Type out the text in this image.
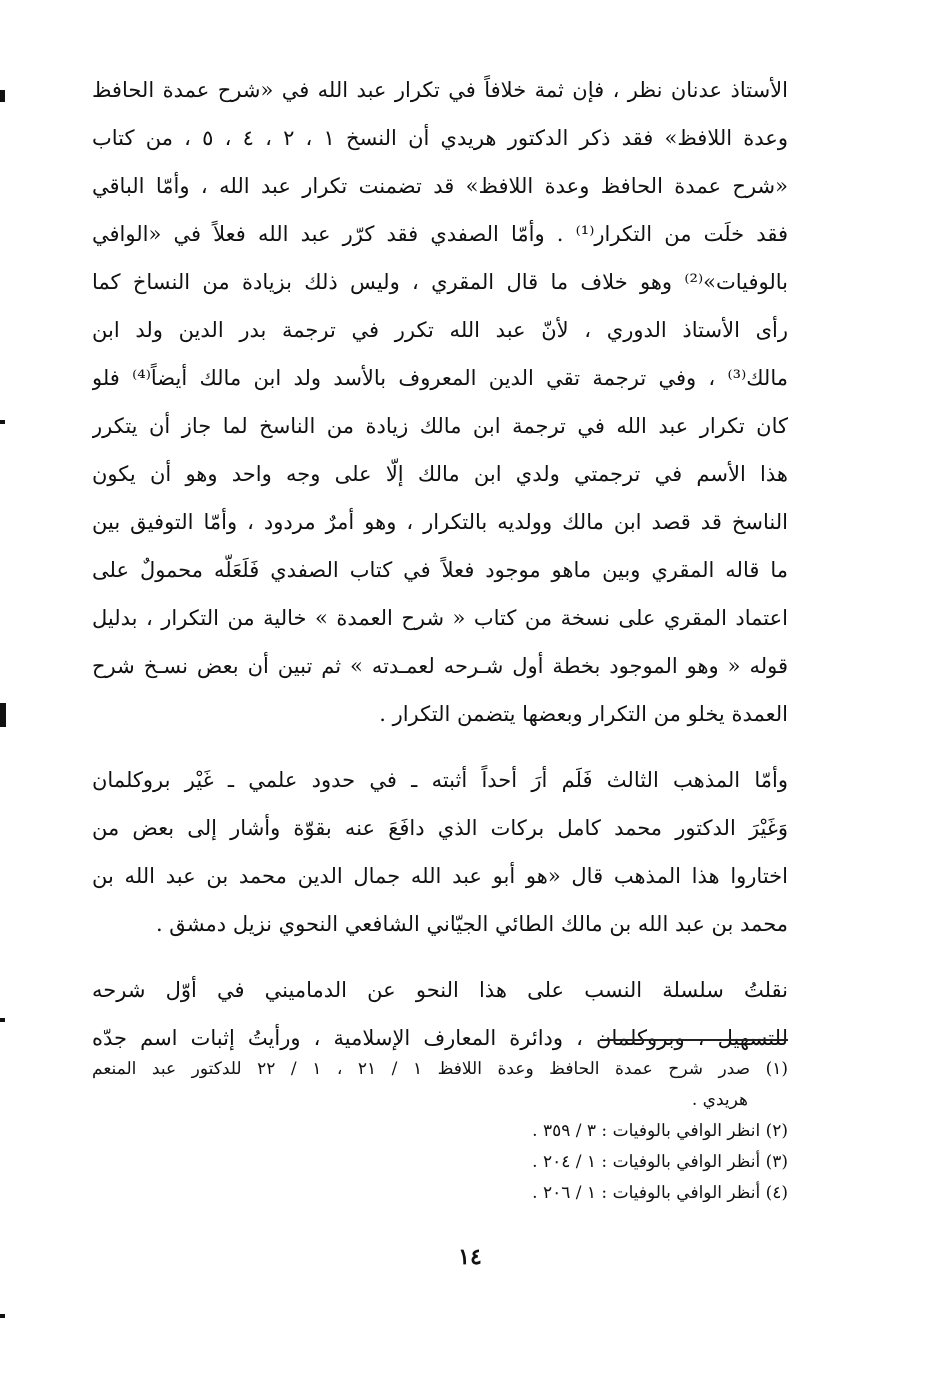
الأستاذ عدنان نظر ، فإن ثمة خلافاً في تكرار عبد الله في «شرح عمدة الحافظ
وعدة اللافظ» فقد ذكر الدكتور هريدي أن النسخ ١ ، ٢ ، ٤ ، ٥ ، من كتاب
«شرح عمدة الحافظ وعدة اللافظ» قد تضمنت تكرار عبد الله ، وأمّا الباقي
فقد خلَت من التكرار⁽¹⁾ . وأمّا الصفدي فقد كرّر عبد الله فعلاً في «الوافي
بالوفيات»⁽²⁾ وهو خلاف ما قال المقري ، وليس ذلك بزيادة من النساخ كما
رأى الأستاذ الدوري ، لأنّ عبد الله تكرر في ترجمة بدر الدين ولد ابن
مالك⁽³⁾ ، وفي ترجمة تقي الدين المعروف بالأسد ولد ابن مالك أيضاً⁽⁴⁾ فلو
كان تكرار عبد الله في ترجمة ابن مالك زيادة من الناسخ لما جاز أن يتكرر
هذا الأسم في ترجمتي ولدي ابن مالك إلّا على وجه واحد وهو أن يكون
الناسخ قد قصد ابن مالك وولديه بالتكرار ، وهو أمرٌ مردود ، وأمّا التوفيق بين
ما قاله المقري وبين ماهو موجود فعلاً في كتاب الصفدي فَلَعَلّه محمولٌ على
اعتماد المقري على نسخة من كتاب « شرح العمدة » خالية من التكرار ، بدليل
قوله « وهو الموجود بخطة أول شـرحه لعمـدته » ثم تبين أن بعض نسـخ شرح
العمدة يخلو من التكرار وبعضها يتضمن التكرار .
وأمّا المذهب الثالث فَلَم أرَ أحداً أثبته ـ في حدود علمي ـ غَيْر بروكلمان
وَغَيْرَ الدكتور محمد كامل بركات الذي دافَعَ عنه بقوّة وأشار إلى بعض من
اختاروا هذا المذهب قال «هو أبو عبد الله جمال الدين محمد بن عبد الله بن
محمد بن عبد الله بن مالك الطائي الجيّاني الشافعي النحوي نزيل دمشق .
نقلتُ سلسلة النسب على هذا النحو عن الدماميني في أوّل شرحه
للتسهيل ، وبروكلمان ، ودائرة المعارف الإسلامية ، ورأيتُ إثبات اسم جدّه
(١) صدر شرح عمدة الحافظ وعدة اللافظ ١ / ٢١ ، ١ / ٢٢ للدكتور عبد المنعم
هريدي .
(٢) انظر الوافي بالوفيات : ٣ / ٣٥٩ .
(٣) أنظر الوافي بالوفيات : ١ / ٢٠٤ .
(٤) أنظر الوافي بالوفيات : ١ / ٢٠٦ .
١٤
